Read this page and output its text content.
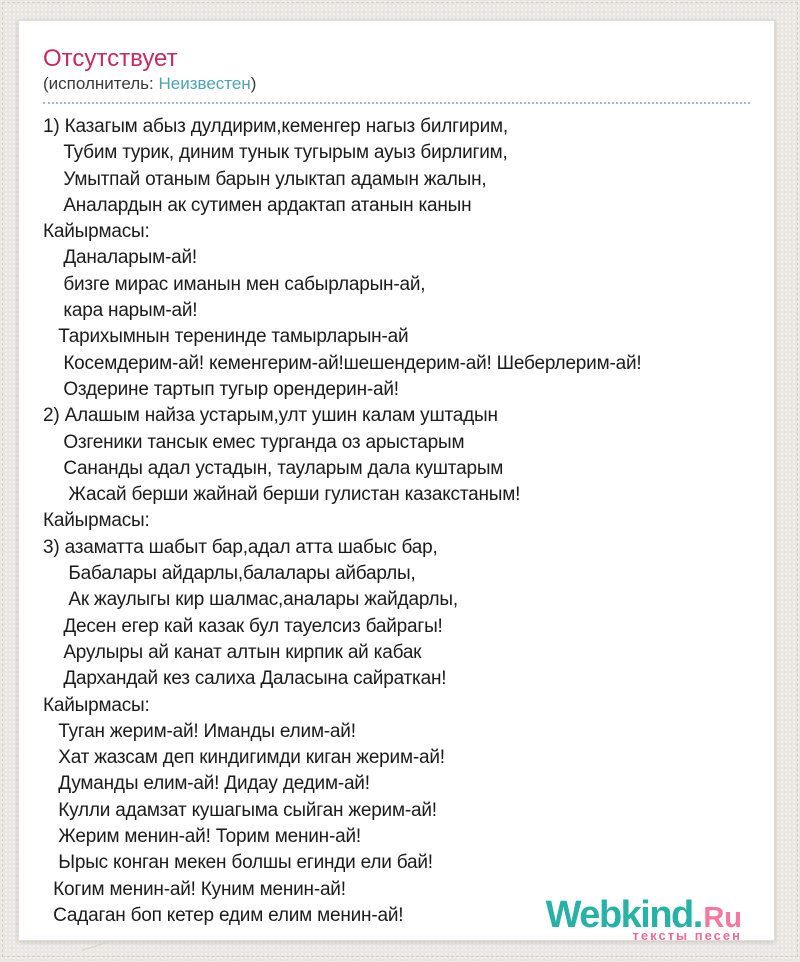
Отсутствует
(исполнитель: Неизвестен)
1) Казагым абыз дулдирим,кеменгер нагыз билгирим,
Тубим турик, диним тунык тугырым ауыз бирлигим,
Умытпай отаным барын улыктап адамын жалын,
Аналардын ак сутимен ардактап атанын канын
Кайырмасы:
Даналарым-ай!
бизге мирас иманын мен сабырларын-ай,
кара нарым-ай!
Тарихымнын терениндe тамырларын-ай
Косемдерим-ай! кеменгерим-ай!шешендерим-ай! Шеберлерим-ай!
Оздерине тартып тугыр орендерин-ай!
2) Алашым найза устарым,улт ушин калам уштадын
Озгеники тансык емес турганда оз арыстарым
Сананды адал устадын, тауларым дала куштарым
Жасай берши жайнай берши гулистан казакстаным!
Кайырмасы:
3) азаматта шабыт бар,адал атта шабыс бар,
Бабалары айдарлы,балалары айбарлы,
Ак жаулыгы кир шалмас,аналары жайдарлы,
Десен егер кай казак бул тауелсиз байрагы!
Арулыры ай канат алтын кирпик ай кабак
Дархандай кез салиха Даласына сайраткан!
Кайырмасы:
Туган жерим-ай! Иманды елим-ай!
Хат жазсам деп киндигимди киган жерим-ай!
Думанды елим-ай! Дидау дедим-ай!
Кулли адамзат кушагыма сыйган жерим-ай!
Жерим менин-ай! Торим менин-ай!
Ырыс конган мекен болшы егинди ели бай!
Когим менин-ай! Куним менин-ай!
Садаган боп кетер едим елим менин-ай!	Webkind.Ru
тексты песен
